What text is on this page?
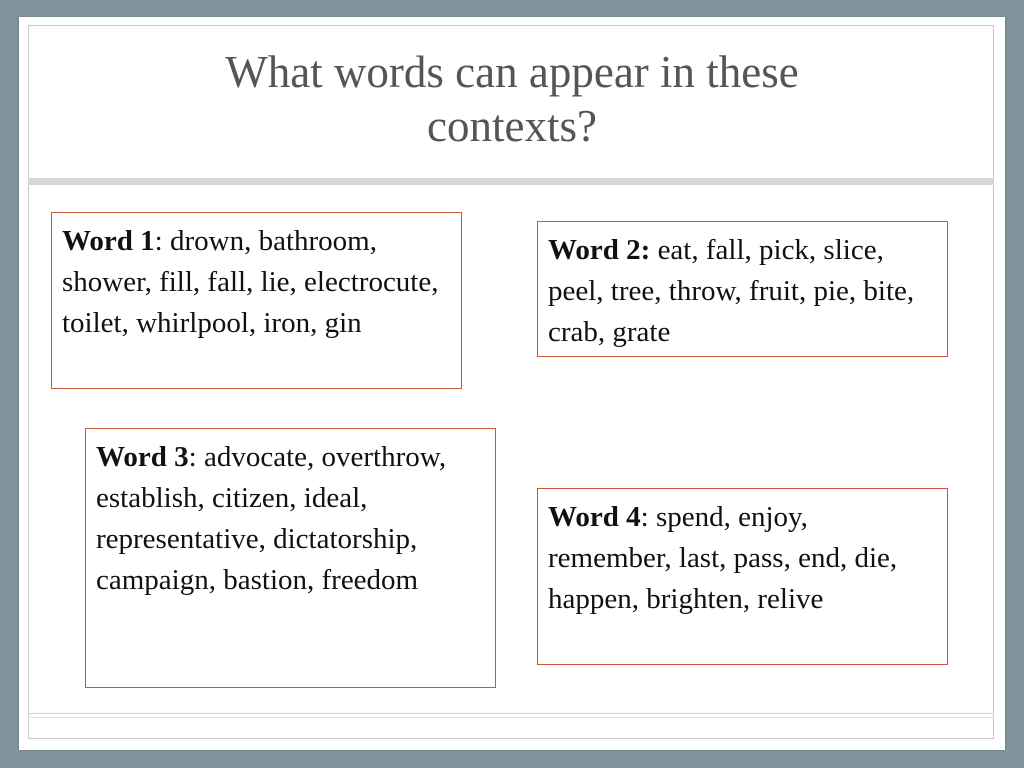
What words can appear in these
contexts?
Word 1: drown, bathroom, shower, fill, fall, lie, electrocute, toilet, whirlpool, iron, gin
Word 2: eat, fall, pick, slice, peel, tree, throw, fruit, pie, bite, crab, grate
Word 3: advocate, overthrow, establish, citizen, ideal, representative, dictatorship, campaign, bastion, freedom
Word 4: spend, enjoy, remember, last, pass, end, die, happen, brighten, relive
